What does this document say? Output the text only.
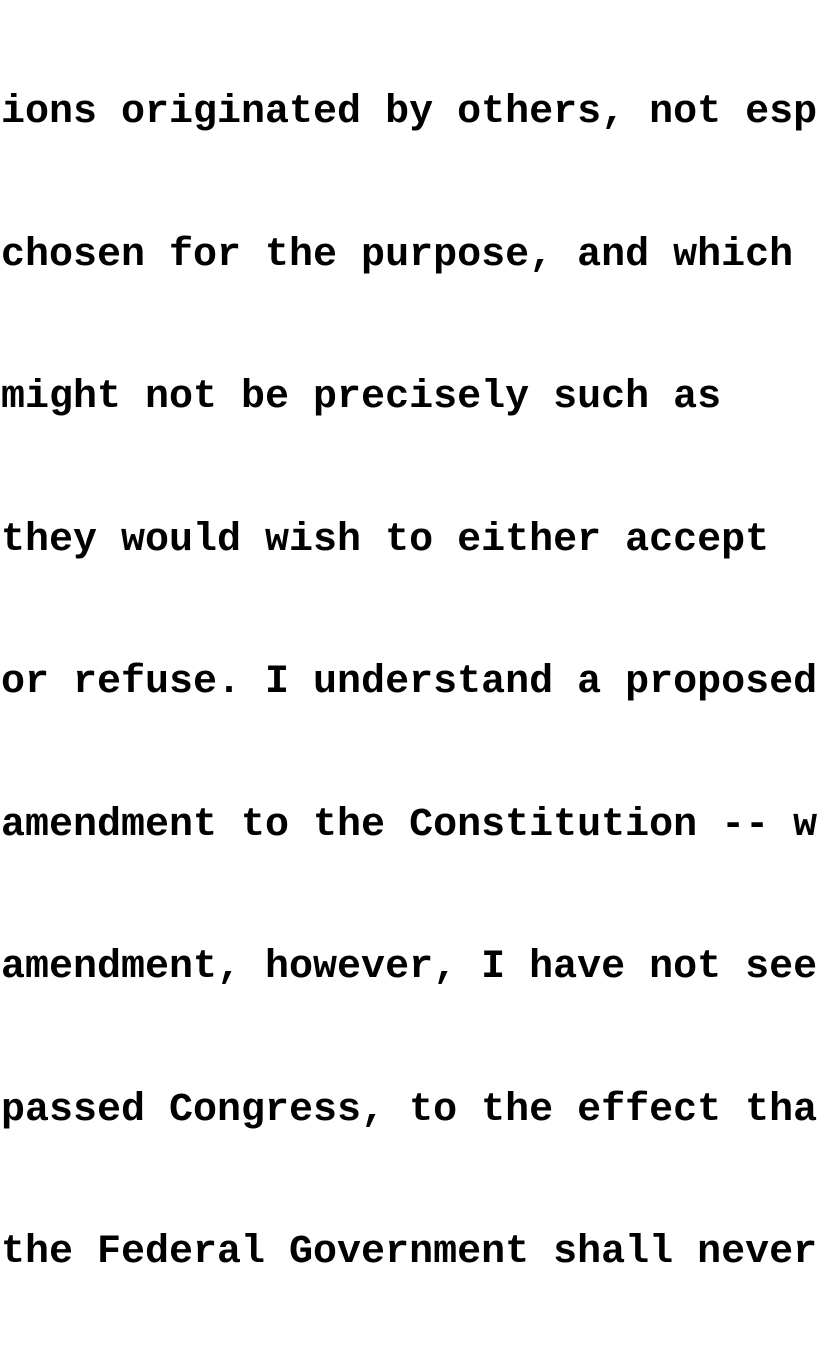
ions originated by others, not esp

chosen for the purpose, and which

might not be precisely such as

they would wish to either accept

or refuse. I understand a proposed

amendment to the Constitution -- w

amendment, however, I have not see

passed Congress, to the effect tha

the Federal Government shall never
